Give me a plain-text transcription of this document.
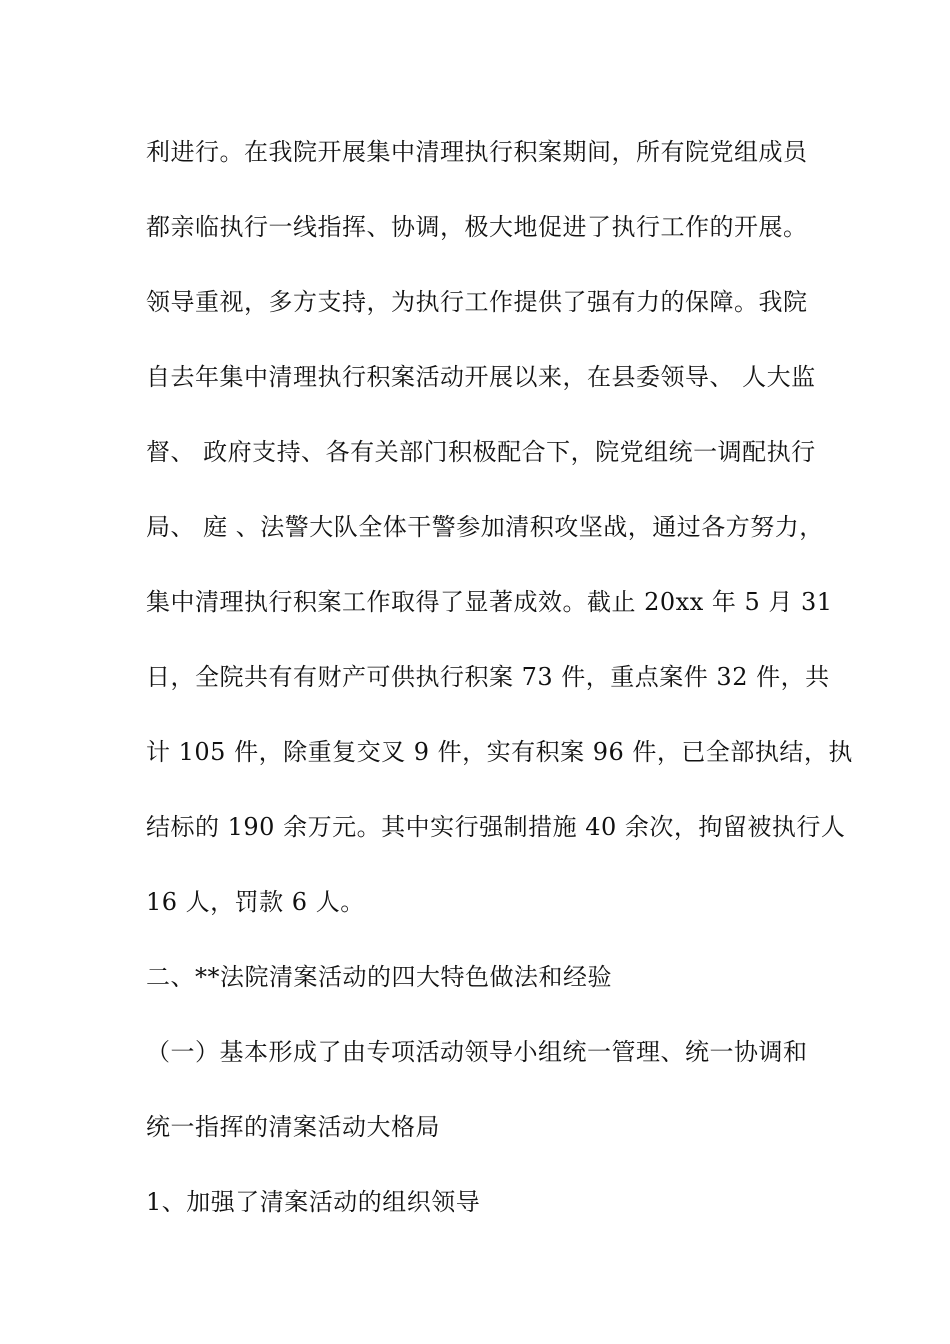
利进行。在我院开展集中清理执行积案期间，所有院党组成员
都亲临执行一线指挥、协调，极大地促进了执行工作的开展。
领导重视，多方支持，为执行工作提供了强有力的保障。我院
自去年集中清理执行积案活动开展以来，在县委领导、 人大监
督、 政府支持、各有关部门积极配合下，院党组统一调配执行
局、 庭 、法警大队全体干警参加清积攻坚战，通过各方努力，
集中清理执行积案工作取得了显著成效。截止 20xx 年 5 月 31
日，全院共有有财产可供执行积案 73 件，重点案件 32 件，共
计 105 件，除重复交叉 9 件，实有积案 96 件，已全部执结，执
结标的 190 余万元。其中实行强制措施 40 余次，拘留被执行人
16 人，罚款 6 人。
二、**法院清案活动的四大特色做法和经验
（一）基本形成了由专项活动领导小组统一管理、统一协调和
统一指挥的清案活动大格局
1、加强了清案活动的组织领导
